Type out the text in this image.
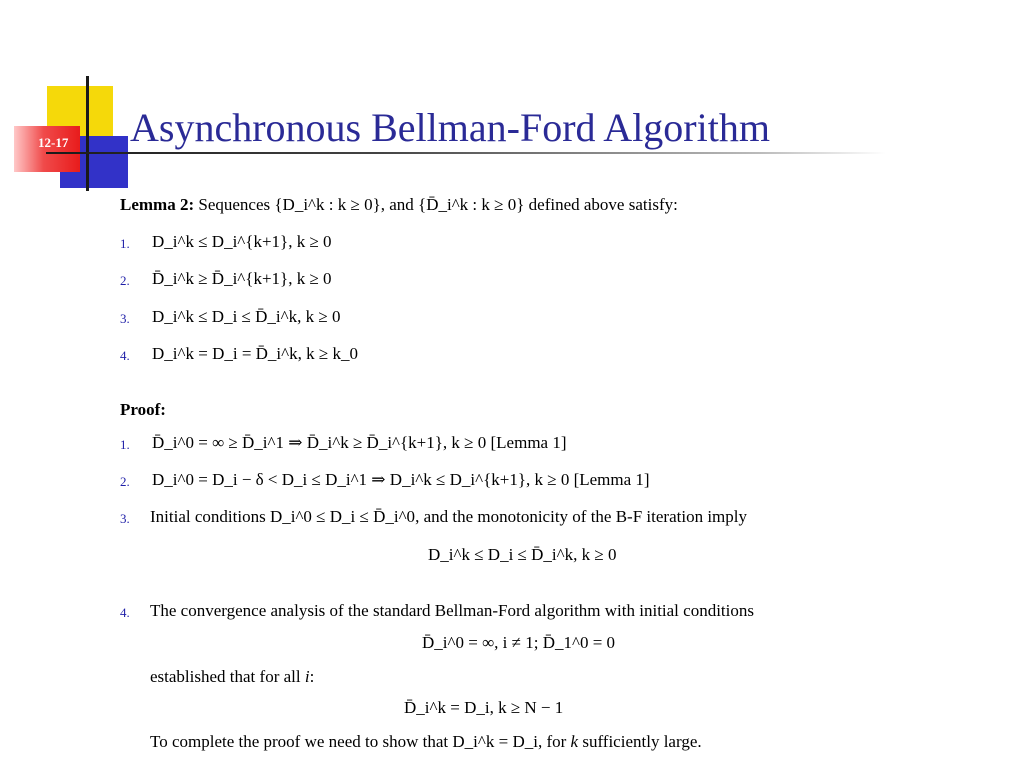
12-17 Asynchronous Bellman-Ford Algorithm
Lemma 2: Sequences {D_i^k : k ≥ 0}, and {D̄_i^k : k ≥ 0} defined above satisfy:
1. D_i^k ≤ D_i^{k+1}, k ≥ 0
2. D̄_i^k ≥ D̄_i^{k+1}, k ≥ 0
3. D_i^k ≤ D_i ≤ D̄_i^k, k ≥ 0
4. D_i^k = D_i = D̄_i^k, k ≥ k_0
Proof:
1. D̄_i^0 = ∞ ≥ D̄_i^1 ⇒ D̄_i^k ≥ D̄_i^{k+1}, k ≥ 0 [Lemma 1]
2. D_i^0 = D_i − δ < D_i ≤ D_i^1 ⇒ D_i^k ≤ D_i^{k+1}, k ≥ 0 [Lemma 1]
3. Initial conditions D_i^0 ≤ D_i ≤ D̄_i^0, and the monotonicity of the B-F iteration imply
D_i^k ≤ D_i ≤ D̄_i^k, k ≥ 0
4. The convergence analysis of the standard Bellman-Ford algorithm with initial conditions
D̄_i^0 = ∞, i ≠ 1; D̄_1^0 = 0
established that for all i:
D̄_i^k = D_i, k ≥ N − 1
To complete the proof we need to show that D_i^k = D_i, for k sufficiently large.
